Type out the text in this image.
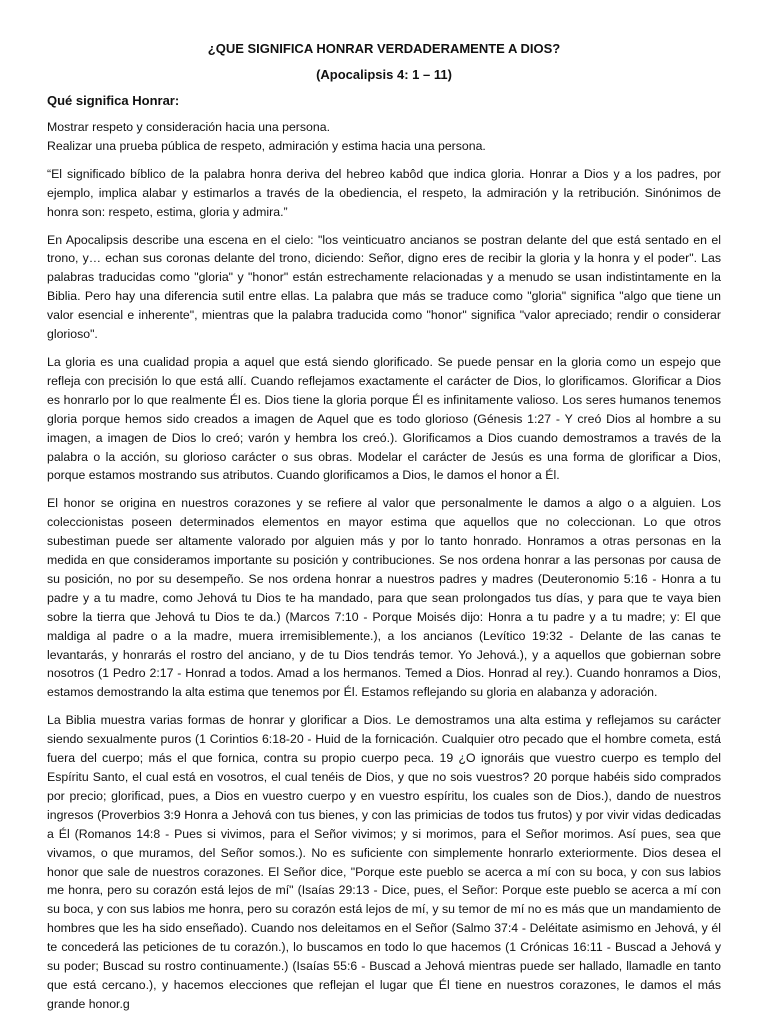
¿QUE SIGNIFICA HONRAR VERDADERAMENTE A DIOS?
(Apocalipsis 4: 1 – 11)
Qué significa Honrar:
Mostrar respeto y consideración hacia una persona.
Realizar una prueba pública de respeto, admiración y estima hacia una persona.

“El significado bíblico de la palabra honra deriva del hebreo kabôd que indica gloria. Honrar a Dios y a los padres, por ejemplo, implica alabar y estimarlos a través de la obediencia, el respeto, la admiración y la retribución. Sinónimos de honra son: respeto, estima, gloria y admira.”

En Apocalipsis describe una escena en el cielo: "los veinticuatro ancianos se postran delante del que está sentado en el trono, y… echan sus coronas delante del trono, diciendo: Señor, digno eres de recibir la gloria y la honra y el poder". Las palabras traducidas como "gloria" y "honor" están estrechamente relacionadas y a menudo se usan indistintamente en la Biblia. Pero hay una diferencia sutil entre ellas. La palabra que más se traduce como "gloria" significa "algo que tiene un valor esencial e inherente", mientras que la palabra traducida como "honor" significa "valor apreciado; rendir o considerar glorioso".

La gloria es una cualidad propia a aquel que está siendo glorificado. Se puede pensar en la gloria como un espejo que refleja con precisión lo que está allí. Cuando reflejamos exactamente el carácter de Dios, lo glorificamos. Glorificar a Dios es honrarlo por lo que realmente Él es. Dios tiene la gloria porque Él es infinitamente valioso. Los seres humanos tenemos gloria porque hemos sido creados a imagen de Aquel que es todo glorioso (Génesis 1:27 - Y creó Dios al hombre a su imagen, a imagen de Dios lo creó; varón y hembra los creó.). Glorificamos a Dios cuando demostramos a través de la palabra o la acción, su glorioso carácter o sus obras. Modelar el carácter de Jesús es una forma de glorificar a Dios, porque estamos mostrando sus atributos. Cuando glorificamos a Dios, le damos el honor a Él.

El honor se origina en nuestros corazones y se refiere al valor que personalmente le damos a algo o a alguien. Los coleccionistas poseen determinados elementos en mayor estima que aquellos que no coleccionan. Lo que otros subestiman puede ser altamente valorado por alguien más y por lo tanto honrado. Honramos a otras personas en la medida en que consideramos importante su posición y contribuciones. Se nos ordena honrar a las personas por causa de su posición, no por su desempeño. Se nos ordena honrar a nuestros padres y madres (Deuteronomio 5:16 - Honra a tu padre y a tu madre, como Jehová tu Dios te ha mandado, para que sean prolongados tus días, y para que te vaya bien sobre la tierra que Jehová tu Dios te da.) (Marcos 7:10 - Porque Moisés dijo: Honra a tu padre y a tu madre; y: El que maldiga al padre o a la madre, muera irremisiblemente.), a los ancianos (Levítico 19:32 - Delante de las canas te levantarás, y honrarás el rostro del anciano, y de tu Dios tendrás temor. Yo Jehová.), y a aquellos que gobiernan sobre nosotros (1 Pedro 2:17 - Honrad a todos. Amad a los hermanos. Temed a Dios. Honrad al rey.). Cuando honramos a Dios, estamos demostrando la alta estima que tenemos por Él. Estamos reflejando su gloria en alabanza y adoración.

La Biblia muestra varias formas de honrar y glorificar a Dios. Le demostramos una alta estima y reflejamos su carácter siendo sexualmente puros (1 Corintios 6:18-20 - Huid de la fornicación. Cualquier otro pecado que el hombre cometa, está fuera del cuerpo; más el que fornica, contra su propio cuerpo peca. 19 ¿O ignoráis que vuestro cuerpo es templo del Espíritu Santo, el cual está en vosotros, el cual tenéis de Dios, y que no sois vuestros? 20 porque habéis sido comprados por precio; glorificad, pues, a Dios en vuestro cuerpo y en vuestro espíritu, los cuales son de Dios.), dando de nuestros ingresos (Proverbios 3:9 Honra a Jehová con tus bienes, y con las primicias de todos tus frutos) y por vivir vidas dedicadas a Él (Romanos 14:8 - Pues si vivimos, para el Señor vivimos; y si morimos, para el Señor morimos. Así pues, sea que vivamos, o que muramos, del Señor somos.). No es suficiente con simplemente honrarlo exteriormente. Dios desea el honor que sale de nuestros corazones. El Señor dice, "Porque este pueblo se acerca a mí con su boca, y con sus labios me honra, pero su corazón está lejos de mí" (Isaías 29:13 - Dice, pues, el Señor: Porque este pueblo se acerca a mí con su boca, y con sus labios me honra, pero su corazón está lejos de mí, y su temor de mí no es más que un mandamiento de hombres que les ha sido enseñado). Cuando nos deleitamos en el Señor (Salmo 37:4 - Deléitate asimismo en Jehová, y él te concederá las peticiones de tu corazón.), lo buscamos en todo lo que hacemos (1 Crónicas 16:11 - Buscad a Jehová y su poder; Buscad su rostro continuamente.) (Isaías 55:6 - Buscad a Jehová mientras puede ser hallado, llamadle en tanto que está cercano.), y hacemos elecciones que reflejan el lugar que Él tiene en nuestros corazones, le damos el más grande honor.g
